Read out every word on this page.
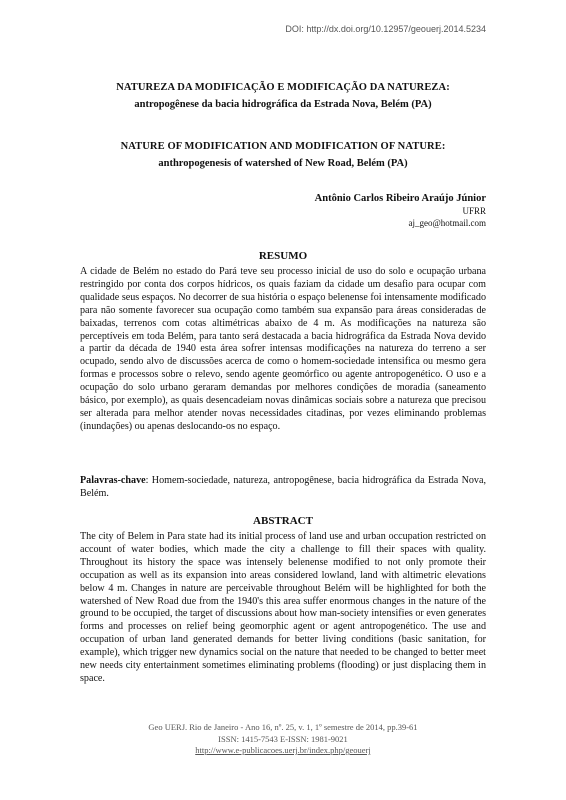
DOI: http://dx.doi.org/10.12957/geouerj.2014.5234

NATUREZA DA MODIFICAÇÃO E MODIFICAÇÃO DA NATUREZA:

antropogênese da bacia hidrográfica da Estrada Nova, Belém (PA)

NATURE OF MODIFICATION AND MODIFICATION OF NATURE:

anthropogenesis of watershed of New Road, Belém (PA)

Antônio Carlos Ribeiro Araújo Júnior
UFRR
aj_geo@hotmail.com

RESUMO

A cidade de Belém no estado do Pará teve seu processo inicial de uso do solo e ocupação urbana restringido por conta dos corpos hídricos, os quais faziam da cidade um desafio para ocupar com qualidade seus espaços. No decorrer de sua história o espaço belenense foi intensamente modificado para não somente favorecer sua ocupação como também sua expansão para áreas consideradas de baixadas, terrenos com cotas altimétricas abaixo de 4 m. As modificações na natureza são perceptíveis em toda Belém, para tanto será destacada a bacia hidrográfica da Estrada Nova devido a partir da década de 1940 esta área sofrer intensas modificações na natureza do terreno a ser ocupado, sendo alvo de discussões acerca de como o homem-sociedade intensifica ou mesmo gera formas e processos sobre o relevo, sendo agente geomórfico ou agente antropogenético. O uso e a ocupação do solo urbano geraram demandas por melhores condições de moradia (saneamento básico, por exemplo), as quais desencadeiam novas dinâmicas sociais sobre a natureza que precisou ser alterada para melhor atender novas necessidades citadinas, por vezes eliminando problemas (inundações) ou apenas deslocando-os no espaço.

Palavras-chave: Homem-sociedade, natureza, antropogênese, bacia hidrográfica da Estrada Nova, Belém.

ABSTRACT

The city of Belem in Para state had its initial process of land use and urban occupation restricted on account of water bodies, which made the city a challenge to fill their spaces with quality. Throughout its history the space was intensely belenense modified to not only promote their occupation as well as its expansion into areas considered lowland, land with altimetric elevations below 4 m. Changes in nature are perceivable throughout Belém will be highlighted for both the watershed of New Road due from the 1940's this area suffer enormous changes in the nature of the ground to be occupied, the target of discussions about how man-society intensifies or even generates forms and processes on relief being geomorphic agent or agent antropogenético. The use and occupation of urban land generated demands for better living conditions (basic sanitation, for example), which trigger new dynamics social on the nature that needed to be changed to better meet new needs city entertainment sometimes eliminating problems (flooding) or just displacing them in space.

Geo UERJ. Rio de Janeiro - Ano 16, nº. 25, v. 1, 1º semestre de 2014, pp.39-61
ISSN: 1415-7543 E-ISSN: 1981-9021
http://www.e-publicacoes.uerj.br/index.php/geouerj
